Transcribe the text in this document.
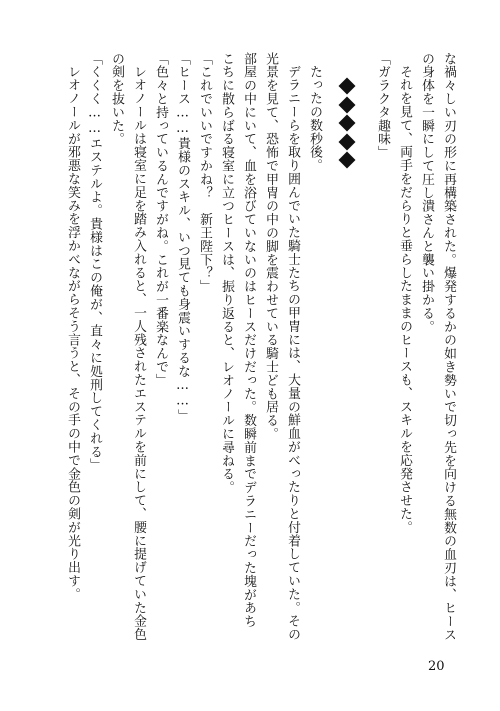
な禍々しい刃の形に再構築された。爆発するかの如き勢いで切っ先を向ける無数の血刃は、ヒース
の身体を一瞬にして圧し潰さんと襲い掛かる。
それを見て、両手をだらりと垂らしたままのヒースも、スキルを応発させた。
「ガラクタ趣味」
たったの数秒後。
デラニーらを取り囲んでいた騎士たちの甲冑には、大量の鮮血がべったりと付着していた。その
光景を見て、恐怖で甲冑の中の脚を震わせている騎士ども居る。
部屋の中にいて、血を浴びていないのはヒースだけだった。数瞬前までデラニーだった塊があち
こちに散らばる寝室に立つヒースは、振り返ると、レオノールに尋ねる。
「これでいいですかね？　新王陛下？」
「ヒース……貴様のスキル、いつ見ても身震いするな……」
「色々と持っているんですがね。これが一番楽なんで」
レオノールは寝室に足を踏み入れると、一人残されたエステルを前にして、腰に提げていた金色
の剣を抜いた。
「くくく……エステルよ。貴様はこの俺が、直々に処刑してくれる」
レオノールが邪悪な笑みを浮かべながらそう言うと、その手の中で金色の剣が光り出す。
20
